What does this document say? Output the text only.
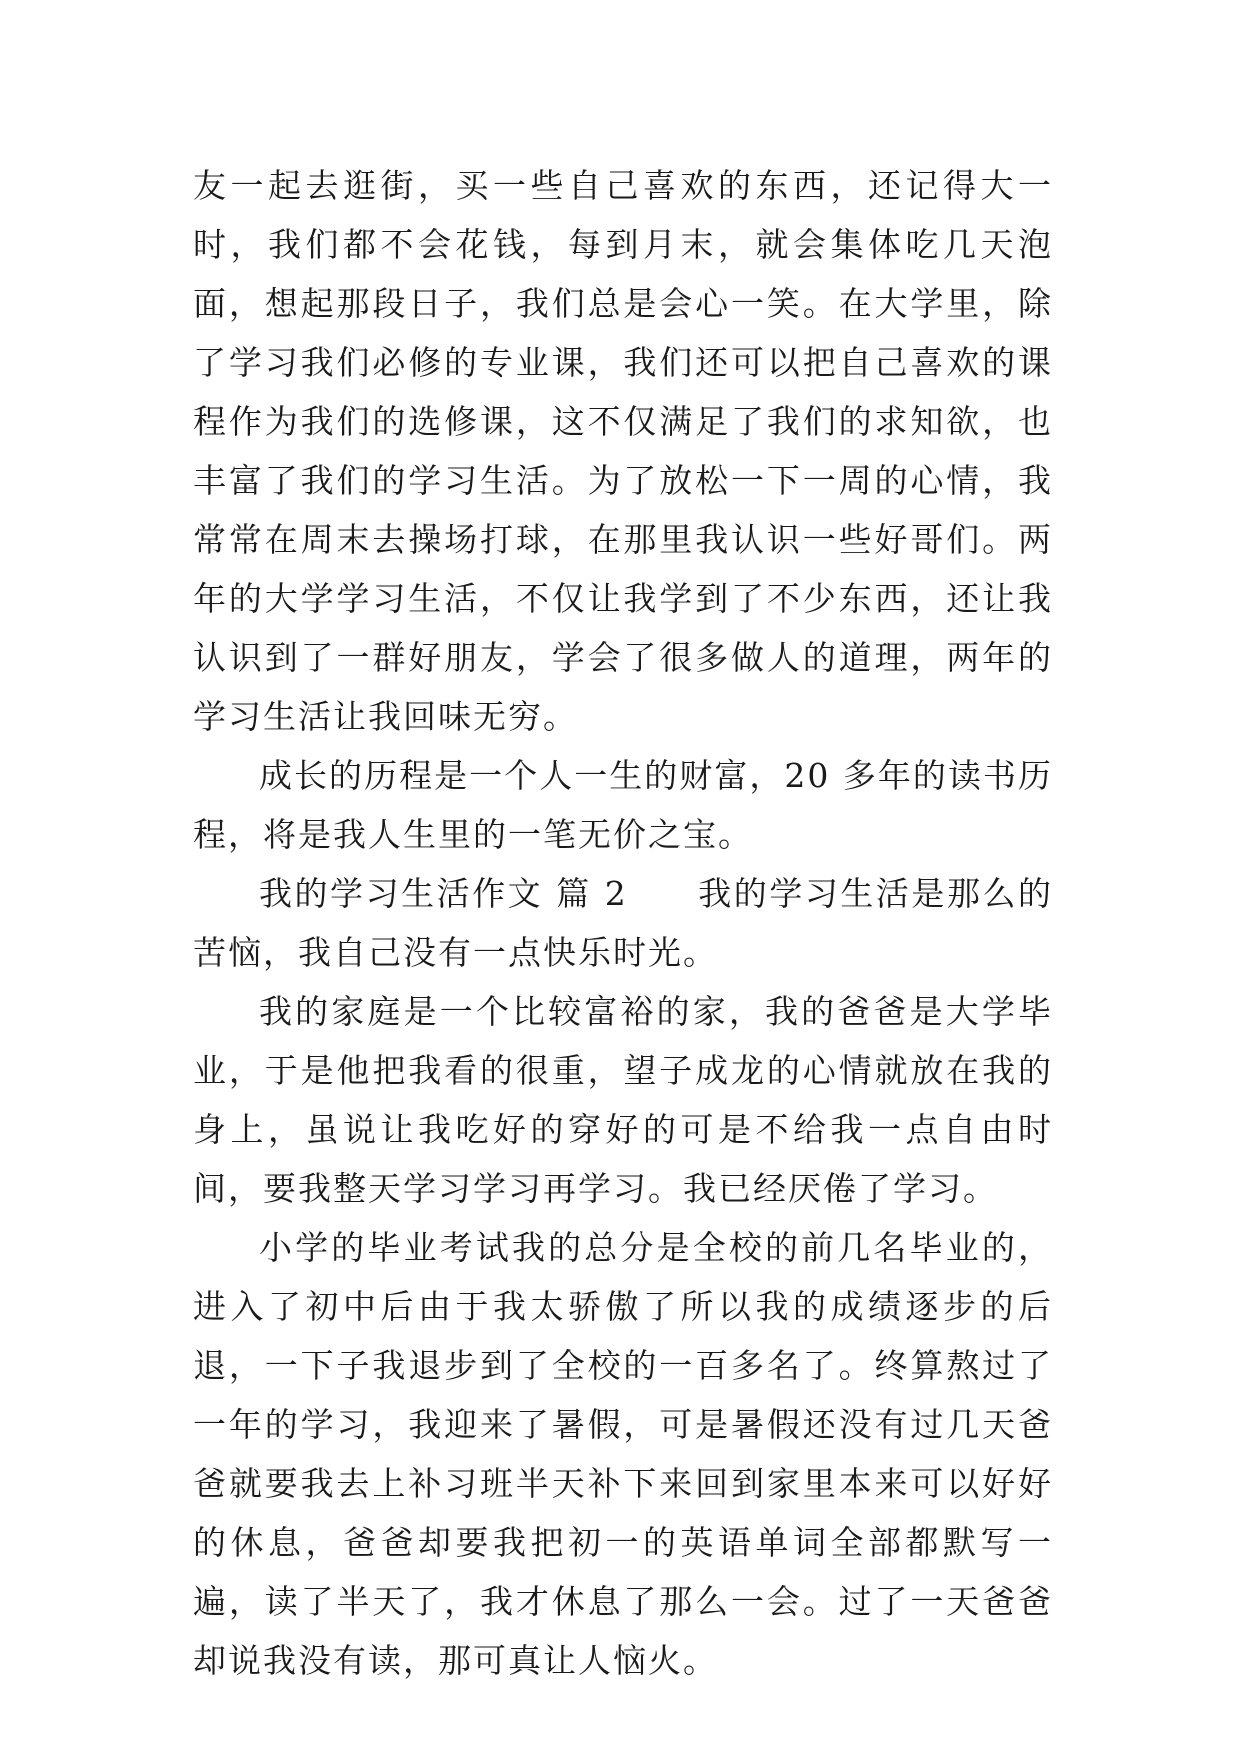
友一起去逛街，买一些自己喜欢的东西，还记得大一时，我们都不会花钱，每到月末，就会集体吃几天泡面，想起那段日子，我们总是会心一笑。在大学里，除了学习我们必修的专业课，我们还可以把自己喜欢的课程作为我们的选修课，这不仅满足了我们的求知欲，也丰富了我们的学习生活。为了放松一下一周的心情，我常常在周末去操场打球，在那里我认识一些好哥们。两年的大学学习生活，不仅让我学到了不少东西，还让我认识到了一群好朋友，学会了很多做人的道理，两年的学习生活让我回味无穷。

成长的历程是一个人一生的财富，20 多年的读书历程，将是我人生里的一笔无价之宝。

我的学习生活作文 篇 2 我的学习生活是那么的苦恼，我自己没有一点快乐时光。

我的家庭是一个比较富裕的家，我的爸爸是大学毕业，于是他把我看的很重，望子成龙的心情就放在我的身上，虽说让我吃好的穿好的可是不给我一点自由时间，要我整天学习学习再学习。我已经厌倦了学习。

小学的毕业考试我的总分是全校的前几名毕业的，进入了初中后由于我太骄傲了所以我的成绩逐步的后退，一下子我退步到了全校的一百多名了。终算熬过了一年的学习，我迎来了暑假，可是暑假还没有过几天爸爸就要我去上补习班半天补下来回到家里本来可以好好的休息，爸爸却要我把初一的英语单词全部都默写一遍，读了半天了，我才休息了那么一会。过了一天爸爸却说我没有读，那可真让人恼火。
